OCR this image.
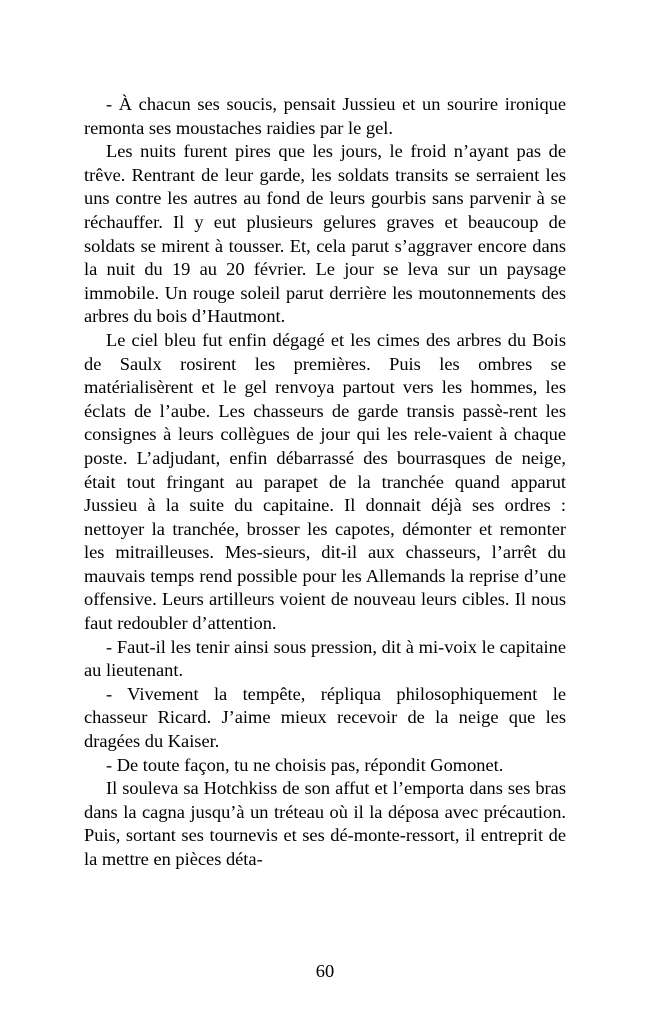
- À chacun ses soucis, pensait Jussieu et un sourire ironique remonta ses moustaches raidies par le gel.

Les nuits furent pires que les jours, le froid n’ayant pas de trêve. Rentrant de leur garde, les soldats transits se serraient les uns contre les autres au fond de leurs gourbis sans parvenir à se réchauffer. Il y eut plusieurs gelures graves et beaucoup de soldats se mirent à tousser. Et, cela parut s’aggraver encore dans la nuit du 19 au 20 février. Le jour se leva sur un paysage immobile. Un rouge soleil parut derrière les moutonnements des arbres du bois d’Hautmont.

Le ciel bleu fut enfin dégagé et les cimes des arbres du Bois de Saulx rosirent les premières. Puis les ombres se matérialisèrent et le gel renvoya partout vers les hommes, les éclats de l’aube. Les chasseurs de garde transis passè-rent les consignes à leurs collègues de jour qui les rele-vaient à chaque poste. L’adjudant, enfin débarrassé des bourrasques de neige, était tout fringant au parapet de la tranchée quand apparut Jussieu à la suite du capitaine. Il donnait déjà ses ordres : nettoyer la tranchée, brosser les capotes, démonter et remonter les mitrailleuses. Mes-sieurs, dit-il aux chasseurs, l’arrêt du mauvais temps rend possible pour les Allemands la reprise d’une offensive. Leurs artilleurs voient de nouveau leurs cibles. Il nous faut redoubler d’attention.

- Faut-il les tenir ainsi sous pression, dit à mi-voix le capitaine au lieutenant.

- Vivement la tempête, répliqua philosophiquement le chasseur Ricard. J’aime mieux recevoir de la neige que les dragées du Kaiser.

- De toute façon, tu ne choisis pas, répondit Gomonet.

Il souleva sa Hotchkiss de son affut et l’emporta dans ses bras dans la cagna jusqu’à un tréteau où il la déposa avec précaution. Puis, sortant ses tournevis et ses dé-monte-ressort, il entreprit de la mettre en pièces déta-

60
